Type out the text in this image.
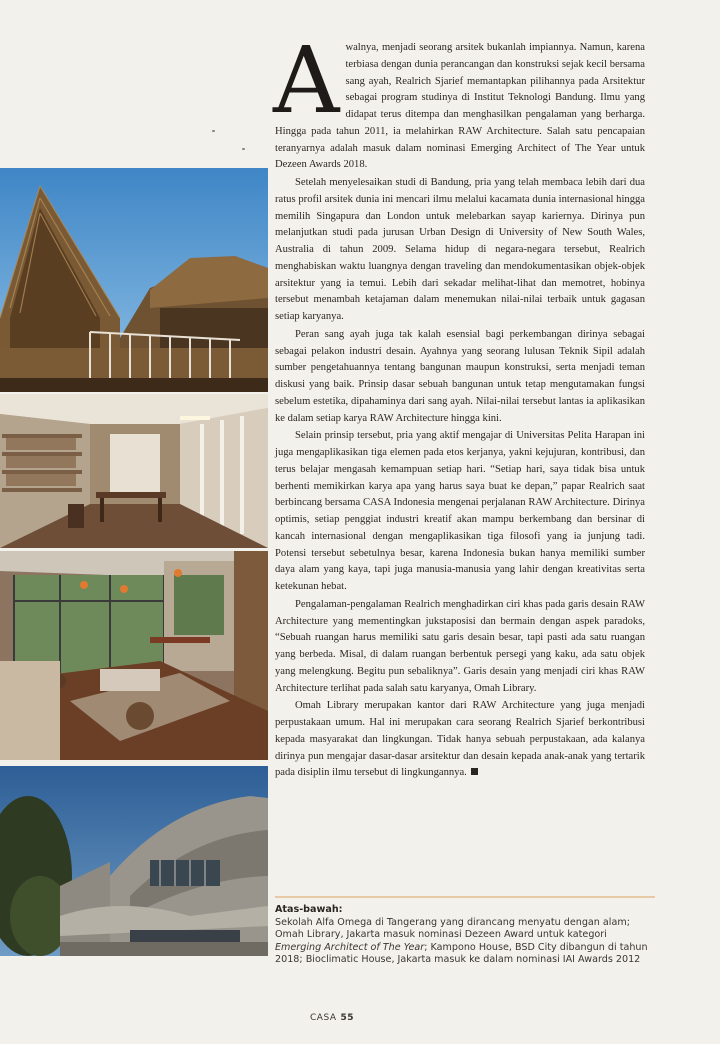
Awalnya, menjadi seorang arsitek bukanlah impiannya. Namun, karena terbiasa dengan dunia perancangan dan konstruksi sejak kecil bersama sang ayah, Realrich Sjarief memantapkan pilihannya pada Arsitektur sebagai program studinya di Institut Teknologi Bandung. Ilmu yang didapat terus ditempa dan menghasilkan pengalaman yang berharga. Hingga pada tahun 2011, ia melahirkan RAW Architecture. Salah satu pencapaian teranyarnya adalah masuk dalam nominasi Emerging Architect of The Year untuk Dezeen Awards 2018.

Setelah menyelesaikan studi di Bandung, pria yang telah membaca lebih dari dua ratus profil arsitek dunia ini mencari ilmu melalui kacamata dunia internasional hingga memilih Singapura dan London untuk melebarkan sayap kariernya. Dirinya pun melanjutkan studi pada jurusan Urban Design di University of New South Wales, Australia di tahun 2009. Selama hidup di negara-negara tersebut, Realrich menghabiskan waktu luangnya dengan traveling dan mendokumentasikan objek-objek arsitektur yang ia temui. Lebih dari sekadar melihat-lihat dan memotret, hobinya tersebut menambah ketajaman dalam menemukan nilai-nilai terbaik untuk gagasan setiap karyanya.

Peran sang ayah juga tak kalah esensial bagi perkembangan dirinya sebagai sebagai pelakon industri desain. Ayahnya yang seorang lulusan Teknik Sipil adalah sumber pengetahuannya tentang bangunan maupun konstruksi, serta menjadi teman diskusi yang baik. Prinsip dasar sebuah bangunan untuk tetap mengutamakan fungsi sebelum estetika, dipahaminya dari sang ayah. Nilai-nilai tersebut lantas ia aplikasikan ke dalam setiap karya RAW Architecture hingga kini.

Selain prinsip tersebut, pria yang aktif mengajar di Universitas Pelita Harapan ini juga mengaplikasikan tiga elemen pada etos kerjanya, yakni kejujuran, kontribusi, dan terus belajar mengasah kemampuan setiap hari. “Setiap hari, saya tidak bisa untuk berhenti memikirkan karya apa yang harus saya buat ke depan,” papar Realrich saat berbincang bersama CASA Indonesia mengenai perjalanan RAW Architecture. Dirinya optimis, setiap penggiat industri kreatif akan mampu berkembang dan bersinar di kancah internasional dengan mengaplikasikan tiga filosofi yang ia junjung tadi. Potensi tersebut sebetulnya besar, karena Indonesia bukan hanya memiliki sumber daya alam yang kaya, tapi juga manusia-manusia yang lahir dengan kreativitas serta ketekunan hebat.

Pengalaman-pengalaman Realrich menghadirkan ciri khas pada garis desain RAW Architecture yang mementingkan jukstaposisi dan bermain dengan aspek paradoks, “Sebuah ruangan harus memiliki satu garis desain besar, tapi pasti ada satu ruangan yang berbeda. Misal, di dalam ruangan berbentuk persegi yang kaku, ada satu objek yang melengkung. Begitu pun sebaliknya”. Garis desain yang menjadi ciri khas RAW Architecture terlihat pada salah satu karyanya, Omah Library.

Omah Library merupakan kantor dari RAW Architecture yang juga menjadi perpustakaan umum. Hal ini merupakan cara seorang Realrich Sjarief berkontribusi kepada masyarakat dan lingkungan. Tidak hanya sebuah perpustakaan, ada kalanya dirinya pun mengajar dasar-dasar arsitektur dan desain kepada anak-anak yang tertarik pada disiplin ilmu tersebut di lingkungannya.

Atas-bawah:
Sekolah Alfa Omega di Tangerang yang dirancang menyatu dengan alam;
Omah Library, Jakarta masuk nominasi Dezeen Award untuk kategori Emerging Architect of The Year; Kampono House, BSD City dibangun di tahun 2018; Bioclimatic House, Jakarta masuk ke dalam nominasi IAI Awards 2012
CASA 55
